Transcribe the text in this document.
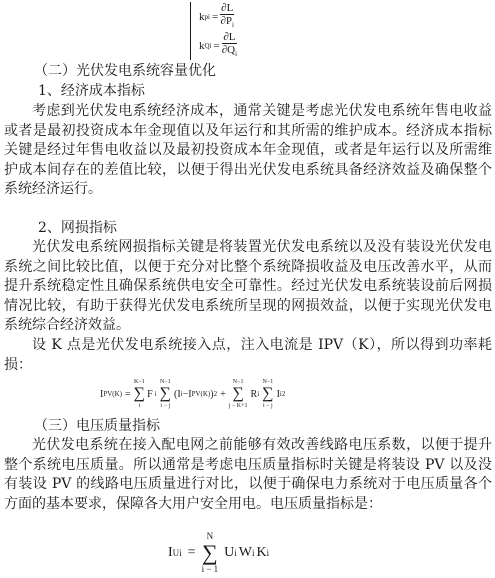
k pi = $\frac{\partial L}{\partial P_i}$
k $Qi = \frac{\partial L}{\partial Q_i}$
（二）光伏发电系统容量优化
1、经济成本指标
考虑到光伏发电系统经济成本，通常关键是考虑光伏发电系统年售电收益或者是最初投资成本年金现值以及年运行和其所需的维护成本。经济成本指标关键是经过年售电收益以及最初投资成本年金现值，或者是年运行以及所需维护成本间存在的差值比较，以便于得出光伏发电系统具备经济效益及确保整个系统经济运行。
2、网损指标
光伏发电系统网损指标关键是将装置光伏发电系统以及没有装设光伏发电系统之间比较比值，以便于充分对比整个系统降损收益及电压改善水平，从而提升系统稳定性且确保系统供电安全可靠性。经过光伏发电系统装设前后网损情况比较，有助于获得光伏发电系统所呈现的网损效益，以便于实现光伏发电系统综合经济效益。
设 K 点是光伏发电系统接入点，注入电流是 IPV（K），所以得到功率耗损：
I PV(K) =
K−1
∑
i
F i
N−1
∑
i − j
(I i −I PV(K) ) 2 +
N−1
∑
j − K+1
R i
N−1
∑
i − j
I i 2
（三）电压质量指标
光伏发电系统在接入配电网之前能够有效改善线路电压系数，以便于提升整个系统电压质量。所以通常是考虑电压质量指标时关键是将装设 PV 以及没有装设 PV 的线路电压质量进行对比，以便于确保电力系统对于电压质量各个方面的基本要求，保障各大用户安全用电。电压质量指标是：
I Ui =
N
∑
i − 1
U i W i K i
